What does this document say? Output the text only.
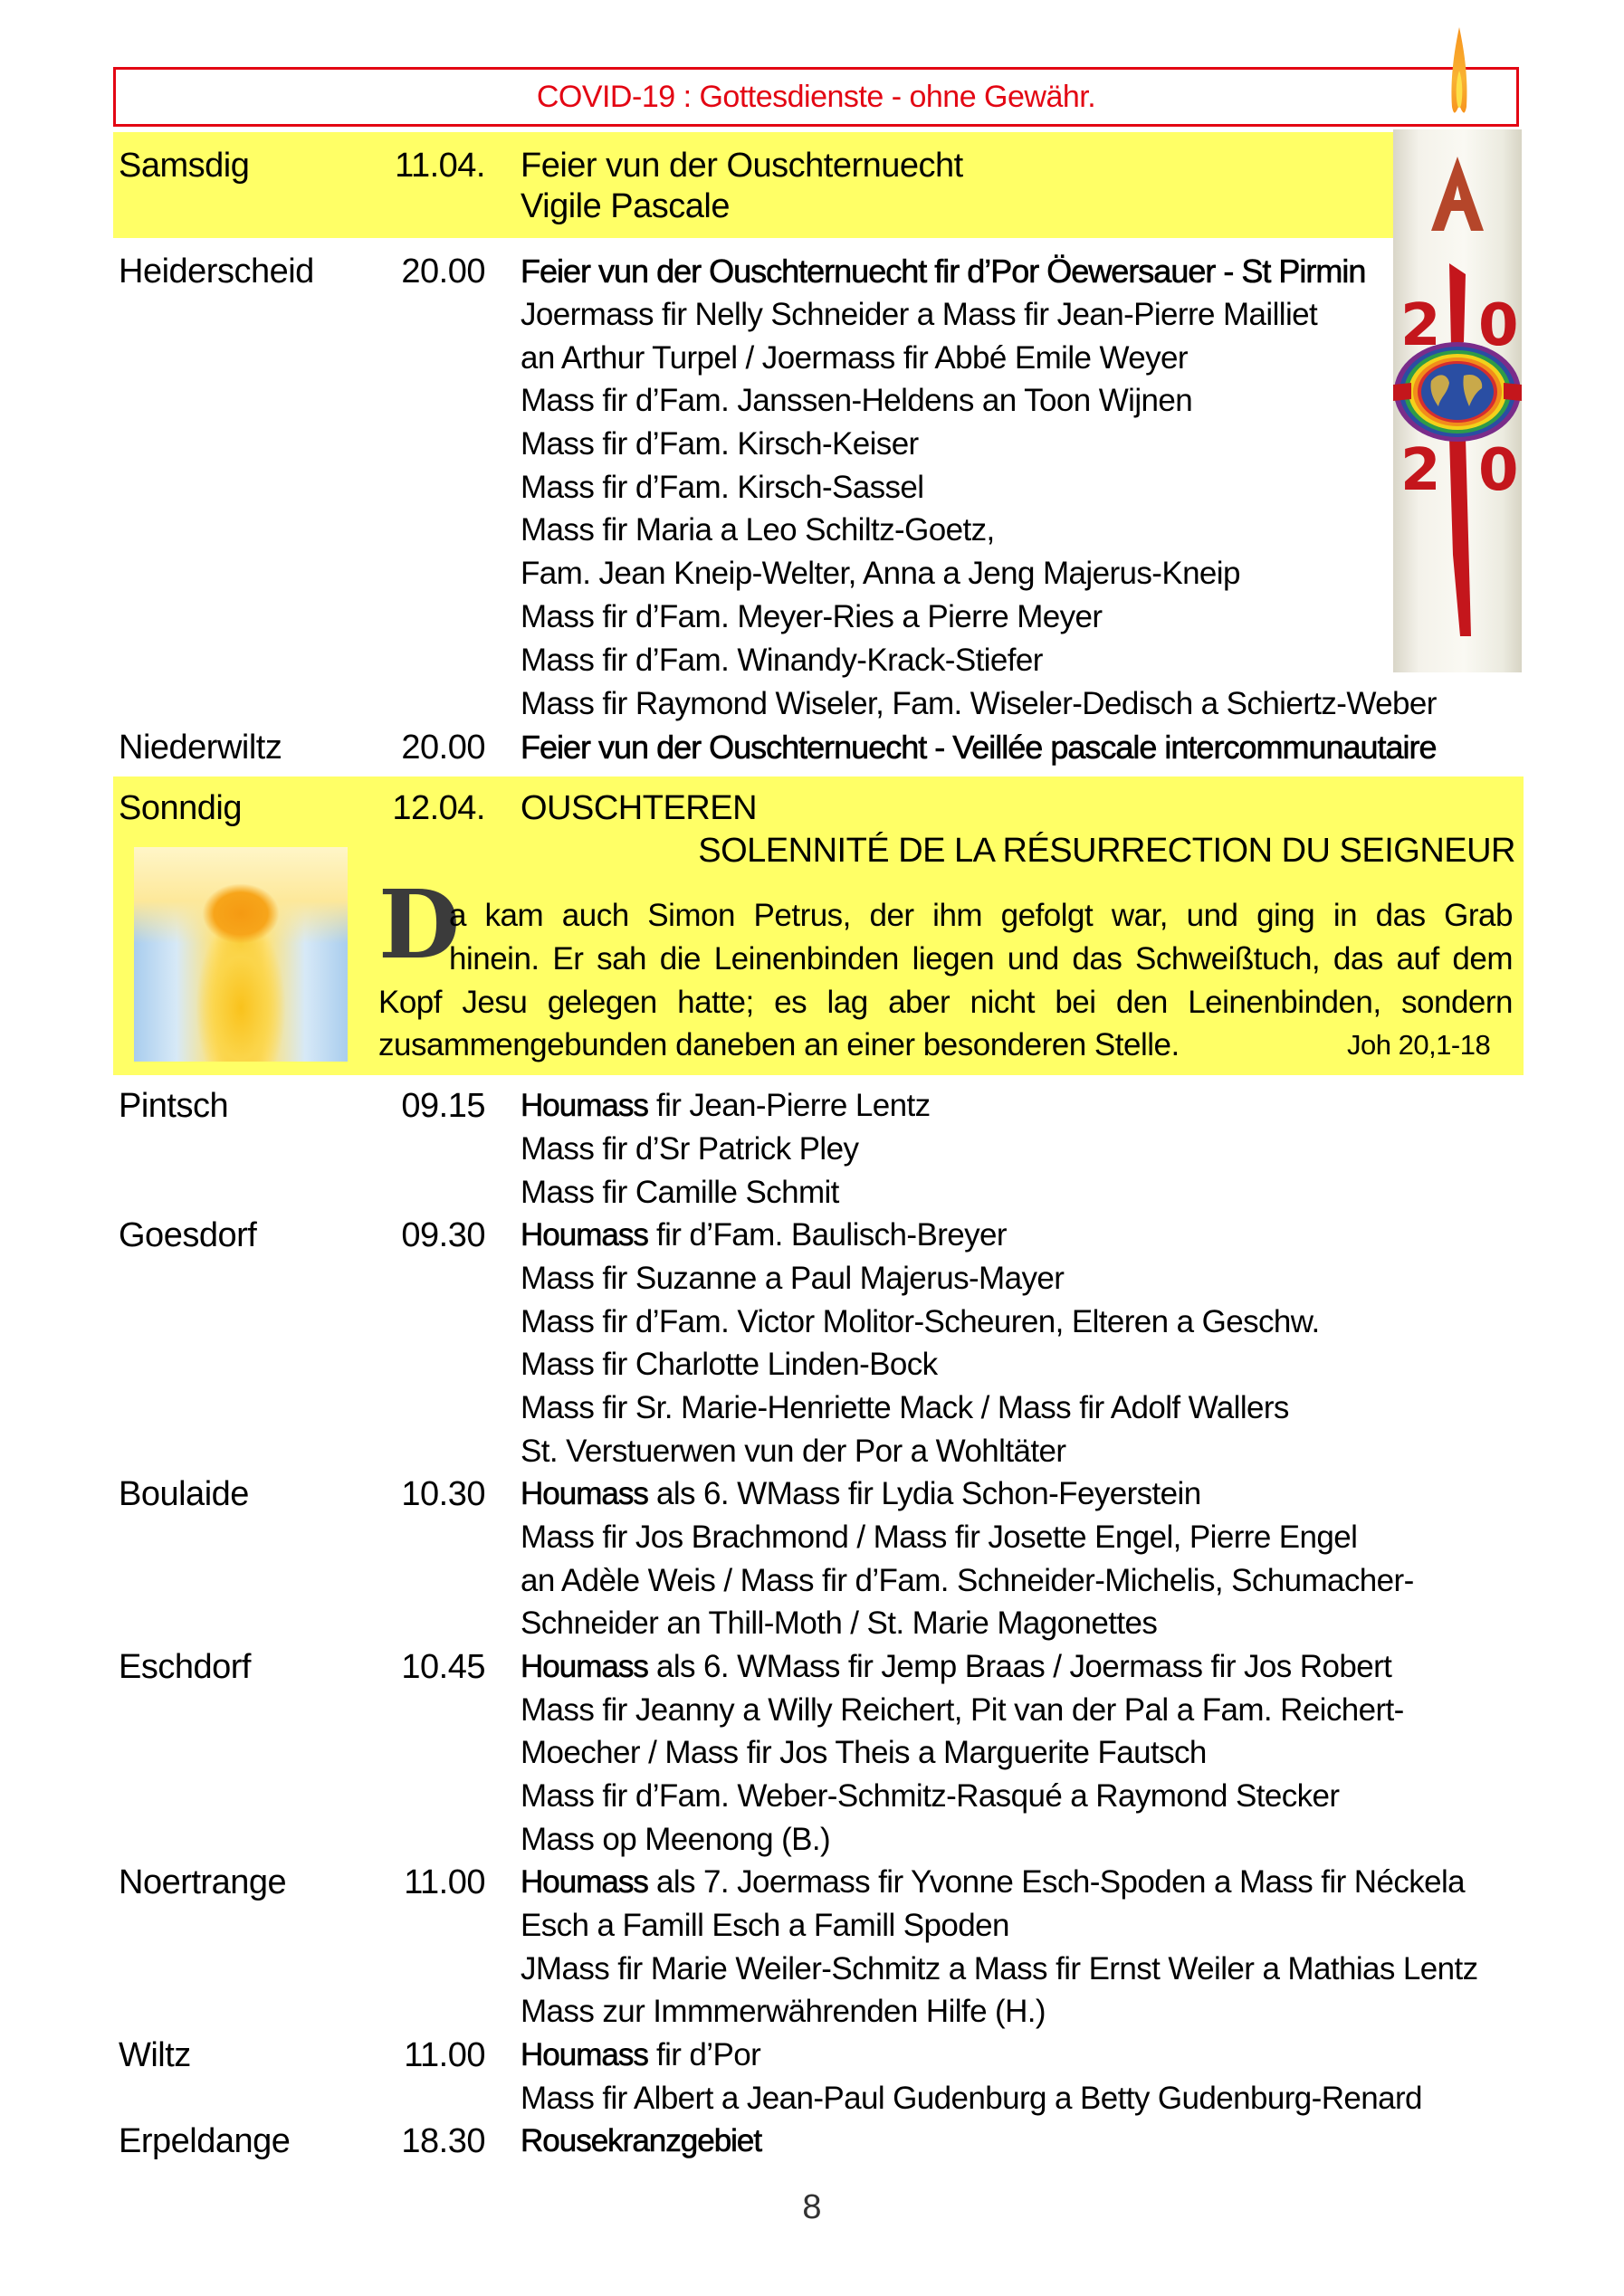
COVID-19 : Gottesdienste - ohne Gewähr.
Samsdig	11.04. Feier vun der Ouschternuecht
Vigile Pascale
2 0
2 0
Heiderscheid	20.00 Feier vun der Ouschternuecht fir d’Por Öewersauer - St Pirmin
Joermass fir Nelly Schneider a Mass fir Jean-Pierre Mailliet
an Arthur Turpel / Joermass fir Abbé Emile Weyer
Mass fir d’Fam. Janssen-Heldens an Toon Wijnen
Mass fir d’Fam. Kirsch-Keiser
Mass fir d’Fam. Kirsch-Sassel
Mass fir Maria a Leo Schiltz-Goetz,
Fam. Jean Kneip-Welter, Anna a Jeng Majerus-Kneip
Mass fir d’Fam. Meyer-Ries a Pierre Meyer
Mass fir d’Fam. Winandy-Krack-Stiefer
Mass fir Raymond Wiseler, Fam. Wiseler-Dedisch a Schiertz-Weber
Niederwiltz	20.00 Feier vun der Ouschternuecht - Veillée pascale intercommunautaire
Sonndig	12.04. OUSCHTEREN
SOLENNITÉ DE LA RÉSURRECTION DU SEIGNEUR
D
a kam auch Simon Petrus, der ihm gefolgt war, und ging in das Grab
hinein. Er sah die Leinenbinden liegen und das Schweißtuch, das auf dem
Kopf Jesu gelegen hatte; es lag aber nicht bei den Leinenbinden, sondern
zusammengebunden daneben an einer besonderen Stelle.	Joh 20,1-18
Pintsch	09.15 Houmass fir Jean-Pierre Lentz
Mass fir d’Sr Patrick Pley
Mass fir Camille Schmit
Goesdorf	09.30 Houmass fir d’Fam. Baulisch-Breyer
Mass fir Suzanne a Paul Majerus-Mayer
Mass fir d’Fam. Victor Molitor-Scheuren, Elteren a Geschw.
Mass fir Charlotte Linden-Bock
Mass fir Sr. Marie-Henriette Mack / Mass fir Adolf Wallers
St. Verstuerwen vun der Por a Wohltäter
Boulaide	10.30 Houmass als 6. WMass fir Lydia Schon-Feyerstein
Mass fir Jos Brachmond / Mass fir Josette Engel, Pierre Engel
an Adèle Weis / Mass fir d’Fam. Schneider-Michelis, Schumacher-
Schneider an Thill-Moth / St. Marie Magonettes
Eschdorf	10.45 Houmass als 6. WMass fir Jemp Braas / Joermass fir Jos Robert
Mass fir Jeanny a Willy Reichert, Pit van der Pal a Fam. Reichert-
Moecher / Mass fir Jos Theis a Marguerite Fautsch
Mass fir d’Fam. Weber-Schmitz-Rasqué a Raymond Stecker
Mass op Meenong (B.)
Noertrange	11.00 Houmass als 7. Joermass fir Yvonne Esch-Spoden a Mass fir Néckela
Esch a Famill Esch a Famill Spoden
JMass fir Marie Weiler-Schmitz a Mass fir Ernst Weiler a Mathias Lentz
Mass zur Immmerwährenden Hilfe (H.)
Wiltz	11.00 Houmass fir d’Por
Mass fir Albert a Jean-Paul Gudenburg a Betty Gudenburg-Renard
Erpeldange	18.30 Rousekranzgebiet
8
